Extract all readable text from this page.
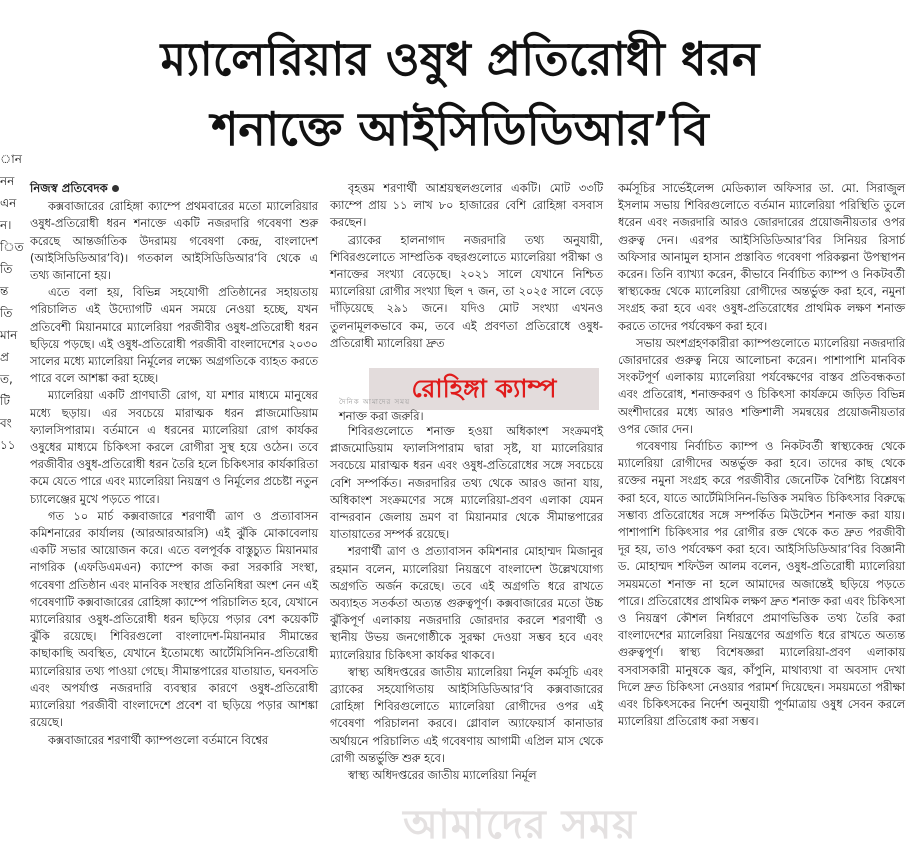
ান
নন
এন
ন।
িত
তি
ন্ত
তি
মান
প্ৰ
ত,
টি
বং
১১
ম্যালেরিয়ার ওষুধ প্রতিরোধী ধরন
শনাক্তে আইসিডিডিআর’বি

নিজস্ব প্রতিবেদক

কক্সবাজারের রোহিঙ্গা ক্যাম্পে প্রথমবারের মতো ম্যালেরিয়ার ওষুধ-প্রতিরোধী ধরন শনাক্তে একটি নজরদারি গবেষণা শুরু করেছে আন্তর্জাতিক উদরাময় গবেষণা কেন্দ্র, বাংলাদেশ (আইসিডিডিআর’বি)। গতকাল আইসিডিডিআর’বি থেকে এ তথ্য জানানো হয়।

এতে বলা হয়, বিভিন্ন সহযোগী প্রতিষ্ঠানের সহায়তায় পরিচালিত এই উদ্যোগটি এমন সময়ে নেওয়া হচ্ছে, যখন প্রতিবেশী মিয়ানমারে ম্যালেরিয়া পরজীবীর ওষুধ-প্রতিরোধী ধরন ছড়িয়ে পড়ছে। এই ওষুধ-প্রতিরোধী পরজীবী বাংলাদেশের ২০৩০ সালের মধ্যে ম্যালেরিয়া নির্মূলের লক্ষ্যে অগ্রগতিকে ব্যাহত করতে পারে বলে আশঙ্কা করা হচ্ছে।

ম্যালেরিয়া একটি প্রাণঘাতী রোগ, যা মশার মাধ্যমে মানুষের মধ্যে ছড়ায়। এর সবচেয়ে মারাত্মক ধরন প্লাজমোডিয়াম ফ্যালসিপারাম। বর্তমানে এ ধরনের ম্যালেরিয়া রোগ কার্যকর ওষুধের মাধ্যমে চিকিৎসা করলে রোগীরা সুস্থ হয়ে ওঠেন। তবে পরজীবীর ওষুধ-প্রতিরোধী ধরন তৈরি হলে চিকিৎসার কার্যকারিতা কমে যেতে পারে এবং ম্যালেরিয়া নিয়ন্ত্রণ ও নির্মূলের প্রচেষ্টা নতুন চ্যালেঞ্জের মুখে পড়তে পারে।

গত ১০ মার্চ কক্সবাজারে শরণার্থী ত্রাণ ও প্রত্যাবাসন কমিশনারের কার্যালয় (আরআরআরসি) এই ঝুঁকি মোকাবেলায় একটি সভার আয়োজন করে। এতে বলপূর্বক বাস্তুচ্যুত মিয়ানমার নাগরিক (এফডিএমএন) ক্যাম্পে কাজ করা সরকারি সংস্থা, গবেষণা প্রতিষ্ঠান এবং মানবিক সংস্থার প্রতিনিধিরা অংশ নেন এই গবেষণাটি কক্সবাজারের রোহিঙ্গা ক্যাম্পে পরিচালিত হবে, যেখানে ম্যালেরিয়ার ওষুধ-প্রতিরোধী ধরন ছড়িয়ে পড়ার বেশ কয়েকটি ঝুঁকি রয়েছে। শিবিরগুলো বাংলাদেশ-মিয়ানমার সীমান্তের কাছাকাছি অবস্থিত, যেখানে ইতোমধ্যে আর্টেমিসিনিন-প্রতিরোধী ম্যালেরিয়ার তথ্য পাওয়া গেছে। সীমান্তপারের যাতায়াত, ঘনবসতি এবং অপর্যাপ্ত নজরদারি ব্যবস্থার কারণে ওষুধ-প্রতিরোধী ম্যালেরিয়া পরজীবী বাংলাদেশে প্রবেশ বা ছড়িয়ে পড়ার আশঙ্কা রয়েছে।

কক্সবাজারের শরণার্থী ক্যাম্পগুলো বর্তমানে বিশ্বের

বৃহত্তম শরণার্থী আশ্রয়স্থলগুলোর একটি। মোট ৩৩টি ক্যাম্পে প্রায় ১১ লাখ ৮০ হাজারের বেশি রোহিঙ্গা বসবাস করছেন।

ব্র্যাকের হালনাগাদ নজরদারি তথ্য অনুযায়ী, শিবিরগুলোতে সাম্প্রতিক বছরগুলোতে ম্যালেরিয়া পরীক্ষা ও শনাক্তের সংখ্যা বেড়েছে। ২০২১ সালে যেখানে নিশ্চিত ম্যালেরিয়া রোগীর সংখ্যা ছিল ৭ জন, তা ২০২৫ সালে বেড়ে দাঁড়িয়েছে ২৯১ জনে। যদিও মোট সংখ্যা এখনও তুলনামূলকভাবে কম, তবে এই প্রবণতা প্রতিরোধে ওষুধ-প্রতিরোধী ম্যালেরিয়া দ্রুত

শিবিরগুলোতে শনাক্ত হওয়া অধিকাংশ সংক্রমণই প্লাজমোডিয়াম ফ্যালসিপারাম দ্বারা সৃষ্ট, যা ম্যালেরিয়ার সবচেয়ে মারাত্মক ধরন এবং ওষুধ-প্রতিরোধের সঙ্গে সবচেয়ে বেশি সম্পর্কিত। নজরদারির তথ্য থেকে আরও জানা যায়, অধিকাংশ সংক্রমণের সঙ্গে ম্যালেরিয়া-প্রবণ এলাকা যেমন বান্দরবান জেলায় ভ্রমণ বা মিয়ানমার থেকে সীমান্তপারের যাতায়াতের সম্পর্ক রয়েছে।

শরণার্থী ত্রাণ ও প্রত্যাবাসন কমিশনার মোহাম্মদ মিজানুর রহমান বলেন, ম্যালেরিয়া নিয়ন্ত্রণে বাংলাদেশ উল্লেখযোগ্য অগ্রগতি অর্জন করেছে। তবে এই অগ্রগতি ধরে রাখতে অব্যাহত সতর্কতা অত্যন্ত গুরুত্বপূর্ণ। কক্সবাজারের মতো উচ্চ ঝুঁকিপূর্ণ এলাকায় নজরদারি জোরদার করলে শরণার্থী ও স্থানীয় উভয় জনগোষ্ঠীকে সুরক্ষা দেওয়া সম্ভব হবে এবং ম্যালেরিয়ার চিকিৎসা কার্যকর থাকবে।

স্বাস্থ্য অধিদপ্তরের জাতীয় ম্যালেরিয়া নির্মূল কর্মসূচি এবং ব্র্যাকের সহযোগিতায় আইসিডিডিআর’বি কক্সবাজারের রোহিঙ্গা শিবিরগুলোতে ম্যালেরিয়া রোগীদের ওপর এই গবেষণা পরিচালনা করবে। গ্লোবাল অ্যাফেয়ার্স কানাডার অর্থায়নে পরিচালিত এই গবেষণায় আগামী এপ্রিল মাস থেকে রোগী অন্তর্ভুক্তি শুরু হবে।

স্বাস্থ্য অধিদপ্তরের জাতীয় ম্যালেরিয়া নির্মূল

রোহিঙ্গা ক্যাম্প
দৈনিক আমাদের সময়
শনাক্ত করা জরুরি।

কর্মসূচির সার্ভেইলেন্স মেডিক্যাল অফিসার ডা. মো. সিরাজুল ইসলাম সভায় শিবিরগুলোতে বর্তমান ম্যালেরিয়া পরিস্থিতি তুলে ধরেন এবং নজরদারি আরও জোরদারের প্রয়োজনীয়তার ওপর গুরুত্ব দেন। এরপর আইসিডিডিআর’বির সিনিয়র রিসার্চ অফিসার আনামুল হাসান প্রস্তাবিত গবেষণা পরিকল্পনা উপস্থাপন করেন। তিনি ব্যাখ্যা করেন, কীভাবে নির্বাচিত ক্যাম্প ও নিকটবর্তী স্বাস্থ্যকেন্দ্র থেকে ম্যালেরিয়া রোগীদের অন্তর্ভুক্ত করা হবে, নমুনা সংগ্রহ করা হবে এবং ওষুধ-প্রতিরোধের প্রাথমিক লক্ষণ শনাক্ত করতে তাদের পর্যবেক্ষণ করা হবে।

সভায় অংশগ্রহণকারীরা ক্যাম্পগুলোতে ম্যালেরিয়া নজরদারি জোরদারের গুরুত্ব নিয়ে আলোচনা করেন। পাশাপাশি মানবিক সংকটপূর্ণ এলাকায় ম্যালেরিয়া পর্যবেক্ষণের বাস্তব প্রতিবন্ধকতা এবং প্রতিরোধ, শনাক্তকরণ ও চিকিৎসা কার্যক্রমে জড়িত বিভিন্ন অংশীদারের মধ্যে আরও শক্তিশালী সমন্বয়ের প্রয়োজনীয়তার ওপর জোর দেন।

গবেষণায় নির্বাচিত ক্যাম্প ও নিকটবর্তী স্বাস্থ্যকেন্দ্র থেকে ম্যালেরিয়া রোগীদের অন্তর্ভুক্ত করা হবে। তাদের কাছ থেকে রক্তের নমুনা সংগ্রহ করে পরজীবীর জেনেটিক বৈশিষ্ট্য বিশ্লেষণ করা হবে, যাতে আর্টেমিসিনিন-ভিত্তিক সমন্বিত চিকিৎসার বিরুদ্ধে সম্ভাব্য প্রতিরোধের সঙ্গে সম্পর্কিত মিউটেশন শনাক্ত করা যায়। পাশাপাশি চিকিৎসার পর রোগীর রক্ত থেকে কত দ্রুত পরজীবী দূর হয়, তাও পর্যবেক্ষণ করা হবে। আইসিডিডিআর’বির বিজ্ঞানী ড. মোহাম্মদ শফিউল আলম বলেন, ওষুধ-প্রতিরোধী ম্যালেরিয়া সময়মতো শনাক্ত না হলে আমাদের অজান্তেই ছড়িয়ে পড়তে পারে। প্রতিরোধের প্রাথমিক লক্ষণ দ্রুত শনাক্ত করা এবং চিকিৎসা ও নিয়ন্ত্রণ কৌশল নির্ধারণে প্রমাণভিত্তিক তথ্য তৈরি করা বাংলাদেশের ম্যালেরিয়া নিয়ন্ত্রণের অগ্রগতি ধরে রাখতে অত্যন্ত গুরুত্বপূর্ণ। স্বাস্থ্য বিশেষজ্ঞরা ম্যালেরিয়া-প্রবণ এলাকায় বসবাসকারী মানুষকে জ্বর, কাঁপুনি, মাথাব্যথা বা অবসাদ দেখা দিলে দ্রুত চিকিৎসা নেওয়ার পরামর্শ দিয়েছেন। সময়মতো পরীক্ষা এবং চিকিৎসকের নির্দেশ অনুযায়ী পূর্ণমাত্রায় ওষুধ সেবন করলে ম্যালেরিয়া প্রতিরোধ করা সম্ভব।

আমাদের সময়
